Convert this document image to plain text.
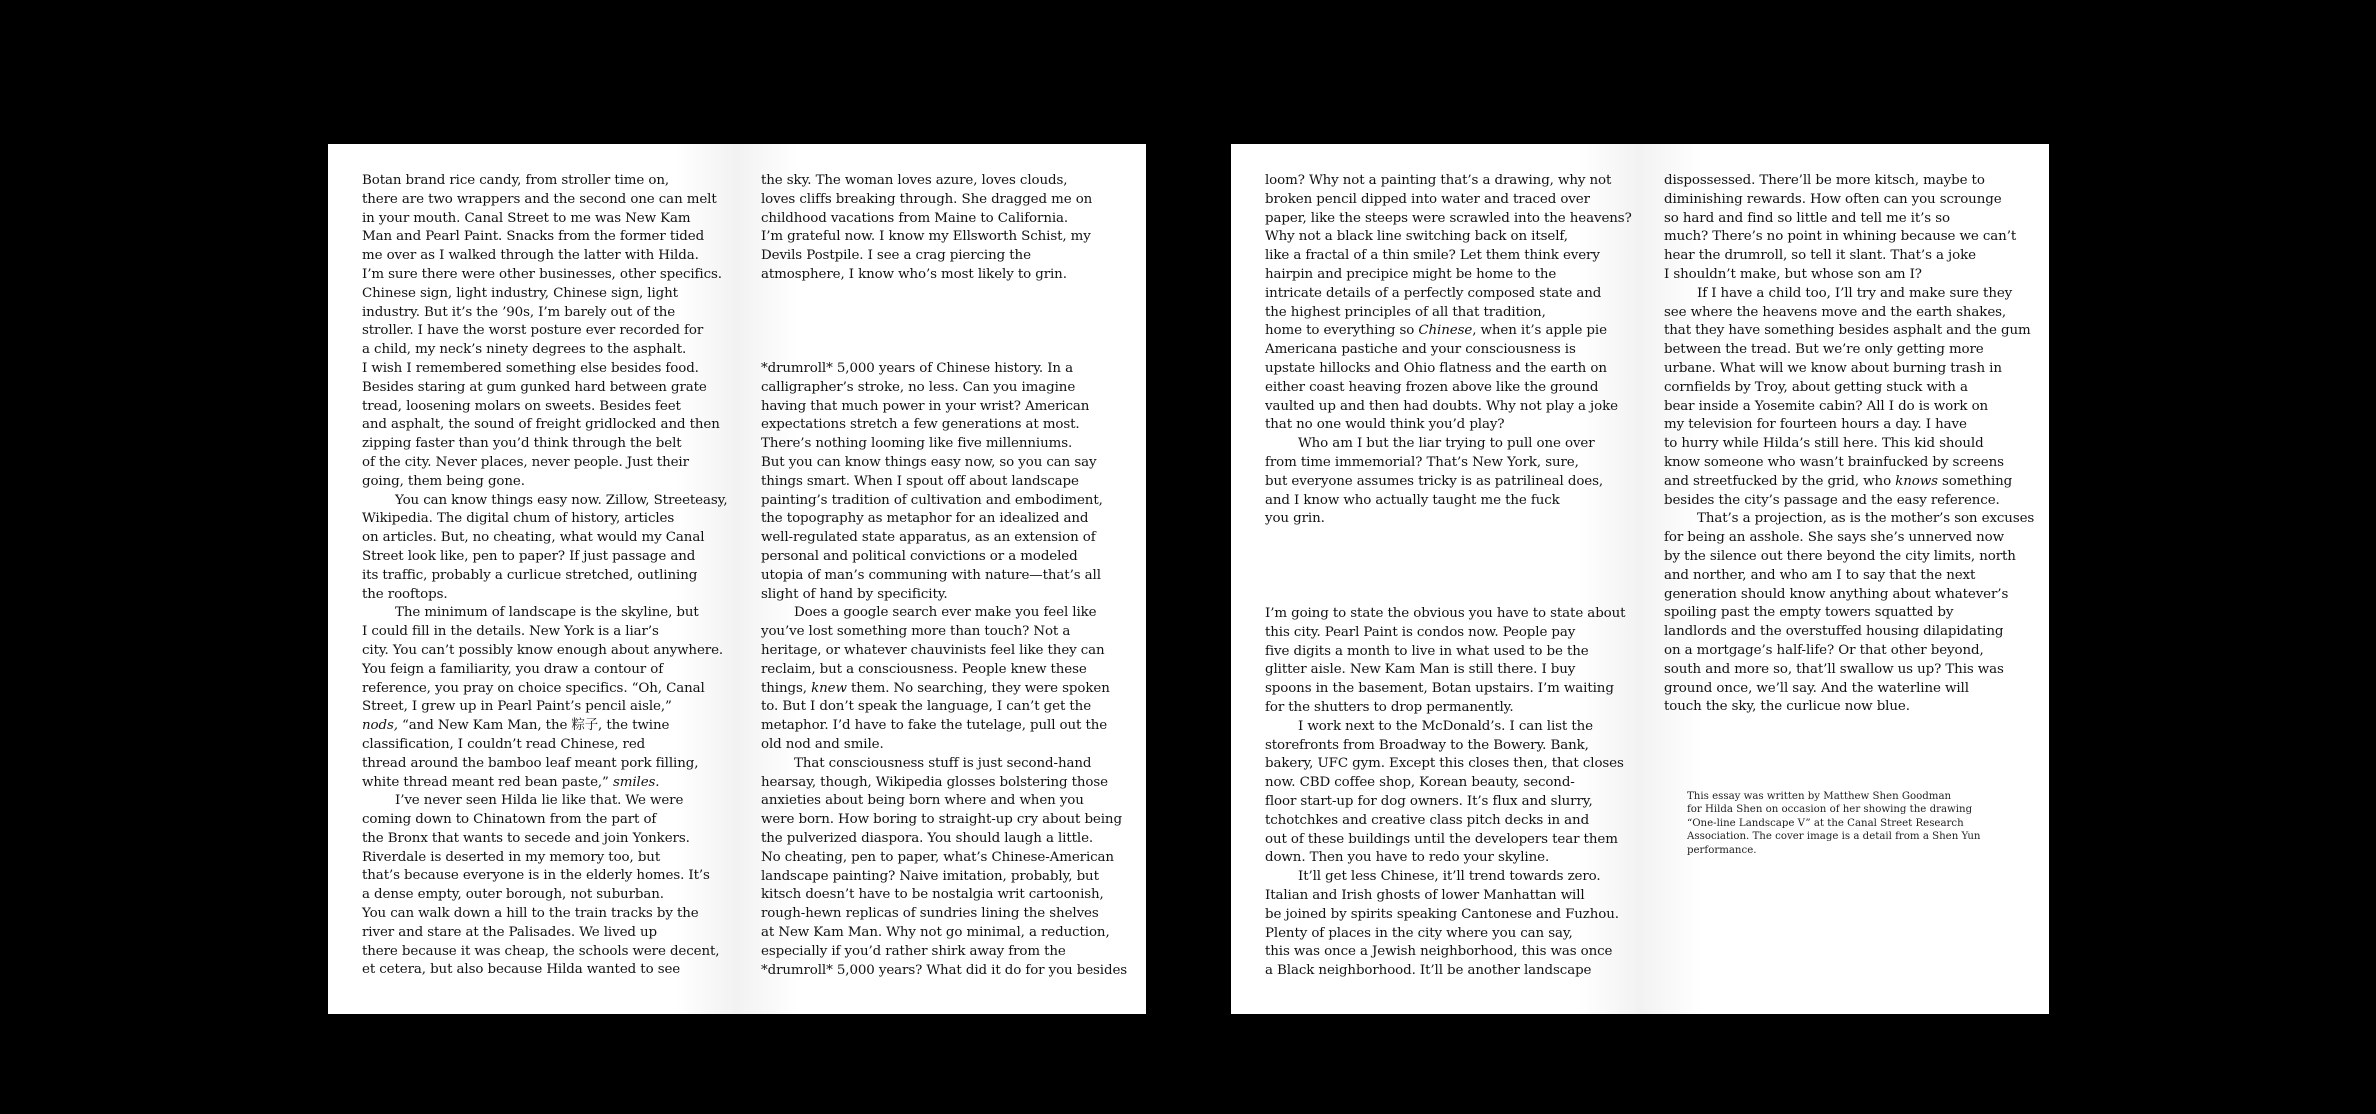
Botan brand rice candy, from stroller time on,

there are two wrappers and the second one can melt

in your mouth. Canal Street to me was New Kam

Man and Pearl Paint. Snacks from the former tided

me over as I walked through the latter with Hilda.

I’m sure there were other businesses, other specifics.

Chinese sign, light industry, Chinese sign, light

industry. But it’s the ’90s, I’m barely out of the

stroller. I have the worst posture ever recorded for

a child, my neck’s ninety degrees to the asphalt.

I wish I remembered something else besides food.

Besides staring at gum gunked hard between grate

tread, loosening molars on sweets. Besides feet

and asphalt, the sound of freight gridlocked and then

zipping faster than you’d think through the belt

of the city. Never places, never people. Just their

going, them being gone.

You can know things easy now. Zillow, Streeteasy,

Wikipedia. The digital chum of history, articles

on articles. But, no cheating, what would my Canal

Street look like, pen to paper? If just passage and

its traffic, probably a curlicue stretched, outlining

the rooftops.

The minimum of landscape is the skyline, but

I could fill in the details. New York is a liar’s

city. You can’t possibly know enough about anywhere.

You feign a familiarity, you draw a contour of

reference, you pray on choice specifics. “Oh, Canal

Street, I grew up in Pearl Paint’s pencil aisle,”

nods, “and New Kam Man, the 粽子, the twine

classification, I couldn’t read Chinese, red

thread around the bamboo leaf meant pork filling,

white thread meant red bean paste,” smiles.

I’ve never seen Hilda lie like that. We were

coming down to Chinatown from the part of

the Bronx that wants to secede and join Yonkers.

Riverdale is deserted in my memory too, but

that’s because everyone is in the elderly homes. It’s

a dense empty, outer borough, not suburban.

You can walk down a hill to the train tracks by the

river and stare at the Palisades. We lived up

there because it was cheap, the schools were decent,

et cetera, but also because Hilda wanted to see

the sky. The woman loves azure, loves clouds,

loves cliffs breaking through. She dragged me on

childhood vacations from Maine to California.

I’m grateful now. I know my Ellsworth Schist, my

Devils Postpile. I see a crag piercing the

atmosphere, I know who’s most likely to grin.

*drumroll* 5,000 years of Chinese history. In a

calligrapher’s stroke, no less. Can you imagine

having that much power in your wrist? American

expectations stretch a few generations at most.

There’s nothing looming like five millenniums.

But you can know things easy now, so you can say

things smart. When I spout off about landscape

painting’s tradition of cultivation and embodiment,

the topography as metaphor for an idealized and

well-regulated state apparatus, as an extension of

personal and political convictions or a modeled

utopia of man’s communing with nature—that’s all

slight of hand by specificity.

Does a google search ever make you feel like

you’ve lost something more than touch? Not a

heritage, or whatever chauvinists feel like they can

reclaim, but a consciousness. People knew these

things, knew them. No searching, they were spoken

to. But I don’t speak the language, I can’t get the

metaphor. I’d have to fake the tutelage, pull out the

old nod and smile.

That consciousness stuff is just second-hand

hearsay, though, Wikipedia glosses bolstering those

anxieties about being born where and when you

were born. How boring to straight-up cry about being

the pulverized diaspora. You should laugh a little.

No cheating, pen to paper, what’s Chinese-American

landscape painting? Naive imitation, probably, but

kitsch doesn’t have to be nostalgia writ cartoonish,

rough-hewn replicas of sundries lining the shelves

at New Kam Man. Why not go minimal, a reduction,

especially if you’d rather shirk away from the

*drumroll* 5,000 years? What did it do for you besides

loom? Why not a painting that’s a drawing, why not

broken pencil dipped into water and traced over

paper, like the steeps were scrawled into the heavens?

Why not a black line switching back on itself,

like a fractal of a thin smile? Let them think every

hairpin and precipice might be home to the

intricate details of a perfectly composed state and

the highest principles of all that tradition,

home to everything so Chinese, when it’s apple pie

Americana pastiche and your consciousness is

upstate hillocks and Ohio flatness and the earth on

either coast heaving frozen above like the ground

vaulted up and then had doubts. Why not play a joke

that no one would think you’d play?

Who am I but the liar trying to pull one over

from time immemorial? That’s New York, sure,

but everyone assumes tricky is as patrilineal does,

and I know who actually taught me the fuck

you grin.

I’m going to state the obvious you have to state about

this city. Pearl Paint is condos now. People pay

five digits a month to live in what used to be the

glitter aisle. New Kam Man is still there. I buy

spoons in the basement, Botan upstairs. I’m waiting

for the shutters to drop permanently.

I work next to the McDonald’s. I can list the

storefronts from Broadway to the Bowery. Bank,

bakery, UFC gym. Except this closes then, that closes

now. CBD coffee shop, Korean beauty, second-

floor start-up for dog owners. It’s flux and slurry,

tchotchkes and creative class pitch decks in and

out of these buildings until the developers tear them

down. Then you have to redo your skyline.

It’ll get less Chinese, it’ll trend towards zero.

Italian and Irish ghosts of lower Manhattan will

be joined by spirits speaking Cantonese and Fuzhou.

Plenty of places in the city where you can say,

this was once a Jewish neighborhood, this was once

a Black neighborhood. It’ll be another landscape

dispossessed. There’ll be more kitsch, maybe to

diminishing rewards. How often can you scrounge

so hard and find so little and tell me it’s so

much? There’s no point in whining because we can’t

hear the drumroll, so tell it slant. That’s a joke

I shouldn’t make, but whose son am I?

If I have a child too, I’ll try and make sure they

see where the heavens move and the earth shakes,

that they have something besides asphalt and the gum

between the tread. But we’re only getting more

urbane. What will we know about burning trash in

cornfields by Troy, about getting stuck with a

bear inside a Yosemite cabin? All I do is work on

my television for fourteen hours a day. I have

to hurry while Hilda’s still here. This kid should

know someone who wasn’t brainfucked by screens

and streetfucked by the grid, who knows something

besides the city’s passage and the easy reference.

That’s a projection, as is the mother’s son excuses

for being an asshole. She says she’s unnerved now

by the silence out there beyond the city limits, north

and norther, and who am I to say that the next

generation should know anything about whatever’s

spoiling past the empty towers squatted by

landlords and the overstuffed housing dilapidating

on a mortgage’s half-life? Or that other beyond,

south and more so, that’ll swallow us up? This was

ground once, we’ll say. And the waterline will

touch the sky, the curlicue now blue.

This essay was written by Matthew Shen Goodman

for Hilda Shen on occasion of her showing the drawing

“One-line Landscape V” at the Canal Street Research

Association. The cover image is a detail from a Shen Yun

performance.
